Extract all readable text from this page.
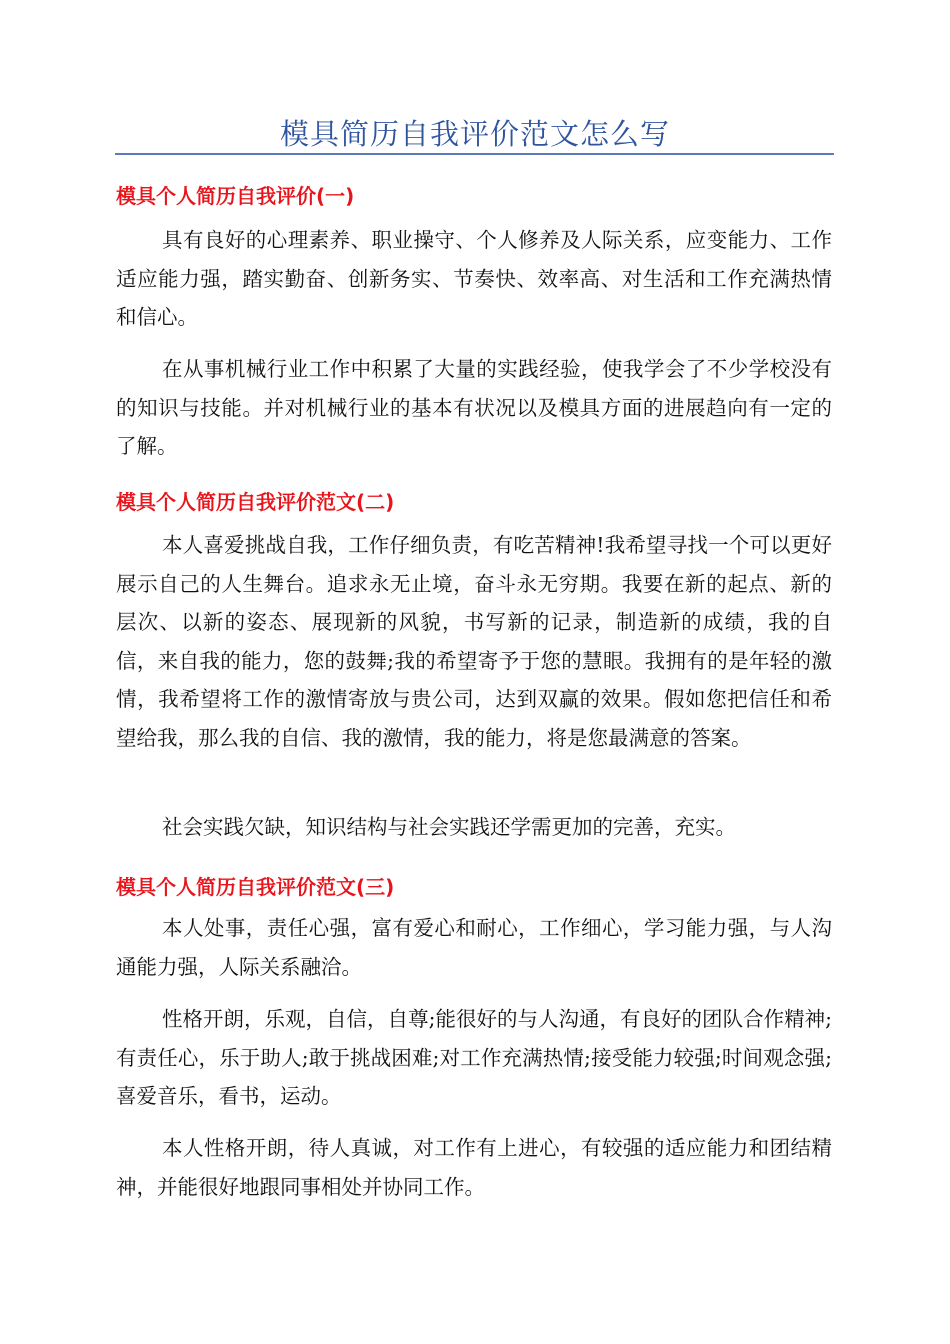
模具简历自我评价范文怎么写
模具个人简历自我评价(一)

具有良好的心理素养、职业操守、个人修养及人际关系，应变能力、工作适应能力强，踏实勤奋、创新务实、节奏快、效率高、对生活和工作充满热情和信心。

在从事机械行业工作中积累了大量的实践经验，使我学会了不少学校没有的知识与技能。并对机械行业的基本有状况以及模具方面的进展趋向有一定的了解。

模具个人简历自我评价范文(二)

本人喜爱挑战自我，工作仔细负责，有吃苦精神!我希望寻找一个可以更好展示自己的人生舞台。追求永无止境，奋斗永无穷期。我要在新的起点、新的层次、以新的姿态、展现新的风貌，书写新的记录，制造新的成绩，我的自信，来自我的能力，您的鼓舞;我的希望寄予于您的慧眼。我拥有的是年轻的激情，我希望将工作的激情寄放与贵公司，达到双赢的效果。假如您把信任和希望给我，那么我的自信、我的激情，我的能力，将是您最满意的答案。

社会实践欠缺，知识结构与社会实践还学需更加的完善，充实。

模具个人简历自我评价范文(三)

本人处事，责任心强，富有爱心和耐心，工作细心，学习能力强，与人沟通能力强，人际关系融洽。

性格开朗，乐观，自信，自尊;能很好的与人沟通，有良好的团队合作精神;有责任心，乐于助人;敢于挑战困难;对工作充满热情;接受能力较强;时间观念强;喜爱音乐，看书，运动。

本人性格开朗，待人真诚，对工作有上进心，有较强的适应能力和团结精神，并能很好地跟同事相处并协同工作。
